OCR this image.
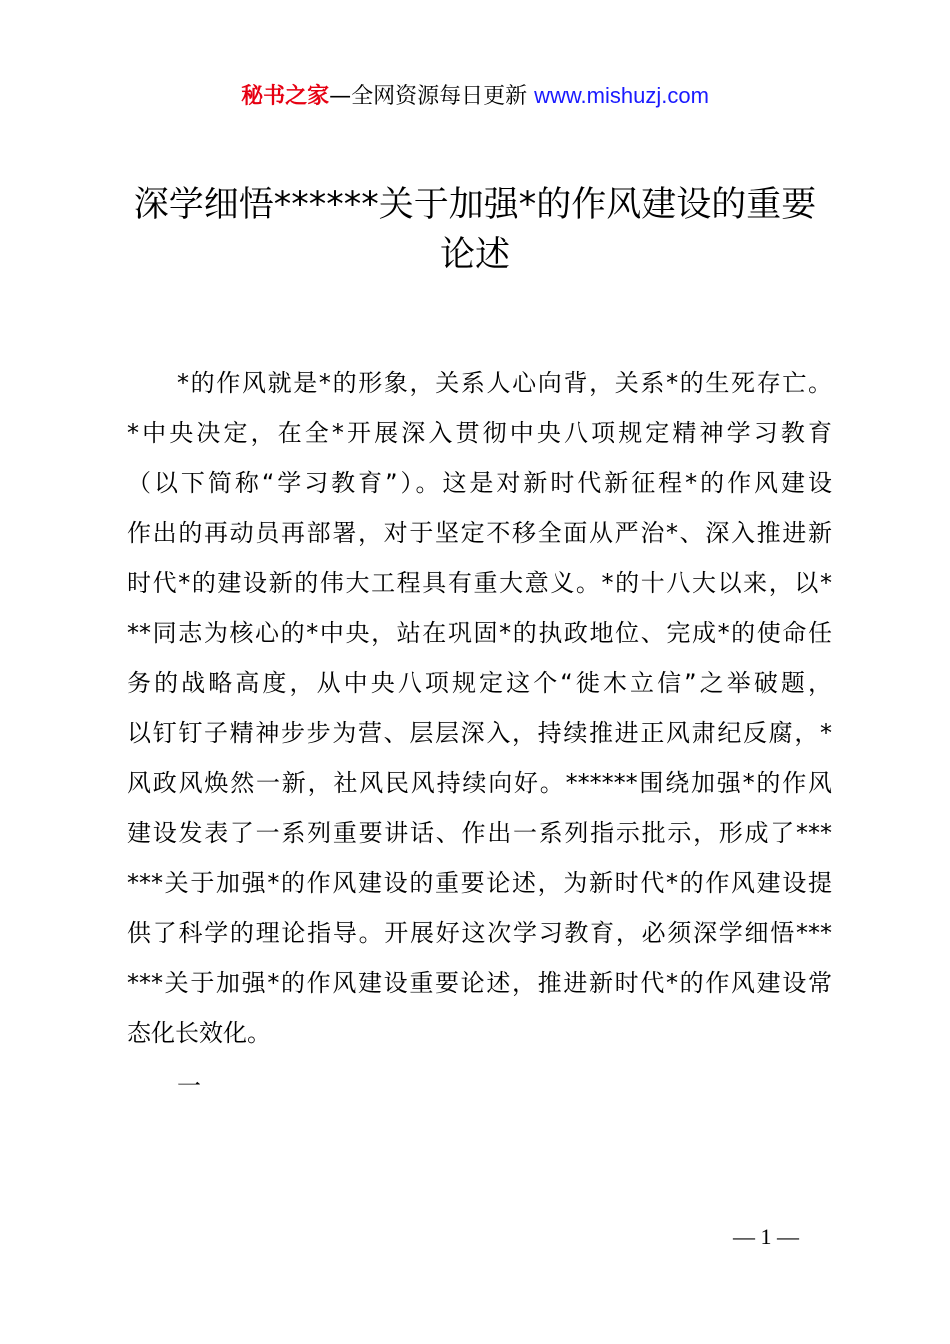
秘书之家—全网资源每日更新 www.mishuzj.com
深学细悟******关于加强*的作风建设的重要
论述
*的作风就是*的形象，关系人心向背，关系*的生死存亡。
*中央决定，在全*开展深入贯彻中央八项规定精神学习教育
（以下简称“学习教育”）。这是对新时代新征程*的作风建设
作出的再动员再部署，对于坚定不移全面从严治*、深入推进新
时代*的建设新的伟大工程具有重大意义。*的十八大以来，以*
**同志为核心的*中央，站在巩固*的执政地位、完成*的使命任
务的战略高度，从中央八项规定这个“徙木立信”之举破题，
以钉钉子精神步步为营、层层深入，持续推进正风肃纪反腐，*
风政风焕然一新，社风民风持续向好。******围绕加强*的作风
建设发表了一系列重要讲话、作出一系列指示批示，形成了***
***关于加强*的作风建设的重要论述，为新时代*的作风建设提
供了科学的理论指导。开展好这次学习教育，必须深学细悟***
***关于加强*的作风建设重要论述，推进新时代*的作风建设常
态化长效化。
一
— 1 —
